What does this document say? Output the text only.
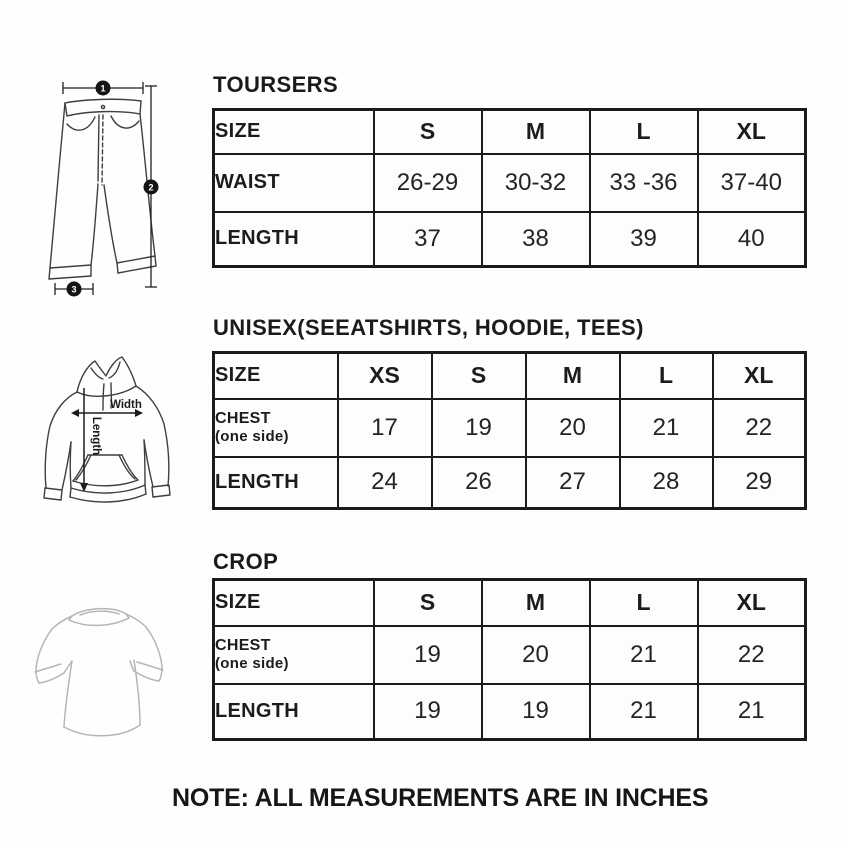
1
2
3
Width
Length
TOURSERS
SIZE	S	M	L	XL
WAIST	26-29	30-32	33 -36	37-40
LENGTH	37	38	39	40
UNISEX(SEEATSHIRTS, HOODIE, TEES)
SIZE	XS	S	M	L	XL

CHEST
(one side)	17	19	20	21	22
LENGTH	24	26	27	28	29
CROP
SIZE	S	M	L	XL

CHEST
(one side)	19	20	21	22
LENGTH	19	19	21	21
NOTE: ALL MEASUREMENTS ARE IN INCHES
